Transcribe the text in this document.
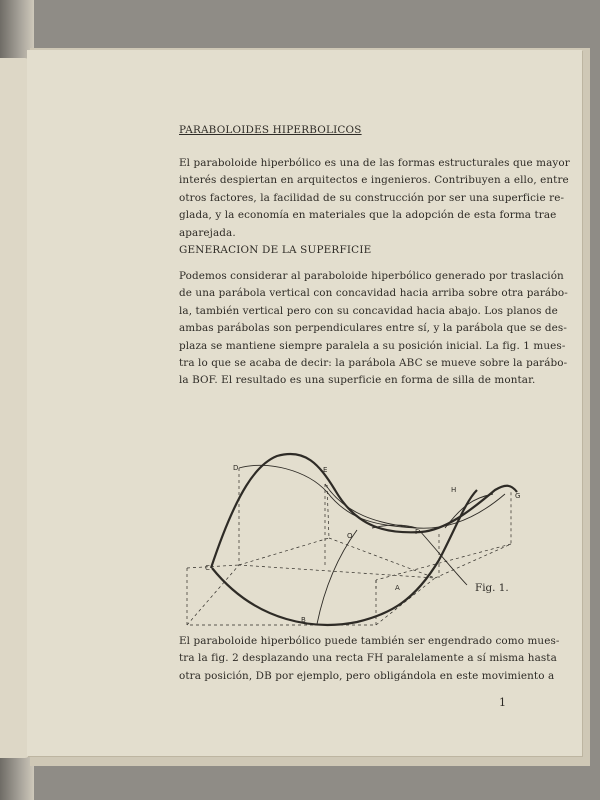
PARABOLOIDES HIPERBOLICOS
El paraboloide hiperbólico es una de las formas estructurales que mayor
interés despiertan en arquitectos e ingenieros. Contribuyen a ello, entre
otros factores, la facilidad de su construcción por ser una superficie re-
glada, y la economía en materiales que la adopción de esta forma trae
aparejada.
GENERACION DE LA SUPERFICIE
Podemos considerar al paraboloide hiperbólico generado por traslación
de una parábola vertical con concavidad hacia arriba sobre otra parábo-
la, también vertical pero con su concavidad hacia abajo. Los planos de
ambas parábolas son perpendiculares entre sí, y la parábola que se des-
plaza se mantiene siempre paralela a su posición inicial. La fig. 1 mues-
tra lo que se acaba de decir: la parábola ABC se mueve sobre la parábo-
la BOF. El resultado es una superficie en forma de silla de montar.
D	E
H
G
O	F
C
A
B
Fig. 1.
El paraboloide hiperbólico puede también ser engendrado como mues-
tra la fig. 2 desplazando una recta FH paralelamente a sí misma hasta
otra posición, DB por ejemplo, pero obligándola en este movimiento a
1
